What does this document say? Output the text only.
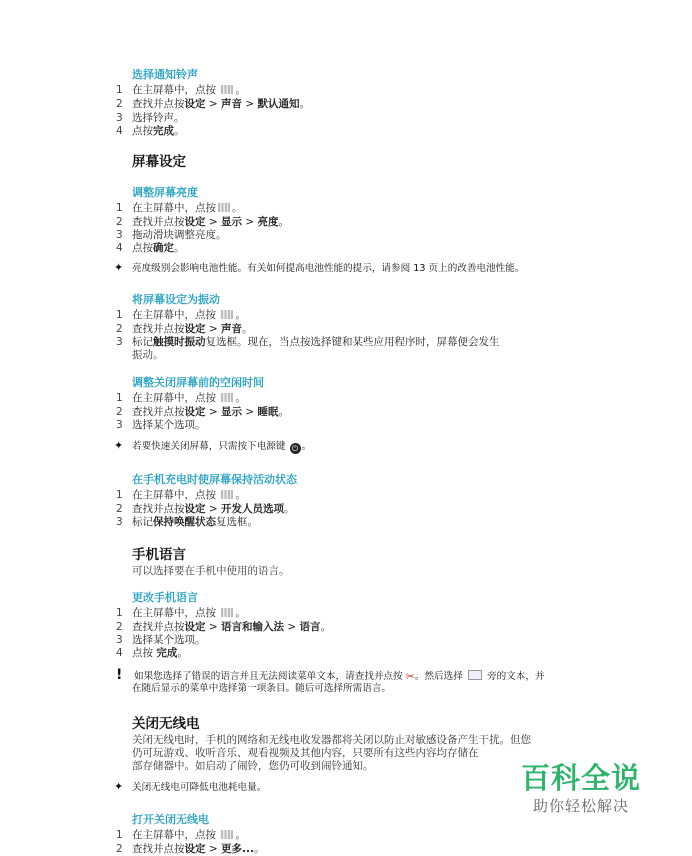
选择通知铃声
1 在主屏幕中，点按 。
2 查找并点按设定 > 声音 > 默认通知。
3 选择铃声。
4 点按完成。
屏幕设定
调整屏幕亮度
1 在主屏幕中，点按 。
2 查找并点按设定 > 显示 > 亮度。
3 拖动滑块调整亮度。
4 点按确定。
✦ 亮度级别会影响电池性能。有关如何提高电池性能的提示，请参阅 13 页上的改善电池性能。
将屏幕设定为振动
1 在主屏幕中，点按 。
2 查找并点按设定 > 声音。
3 标记触摸时振动复选框。现在，当点按选择键和某些应用程序时，屏幕便会发生
振动。
调整关闭屏幕前的空闲时间
1 在主屏幕中，点按 。
2 查找并点按设定 > 显示 > 睡眠。
3 选择某个选项。
✦ 若要快速关闭屏幕，只需按下电源键 ⏻ 。
在手机充电时使屏幕保持活动状态
1 在主屏幕中，点按 。
2 查找并点按设定 > 开发人员选项。
3 标记保持唤醒状态复选框。
手机语言
可以选择要在手机中使用的语言。
更改手机语言
1 在主屏幕中，点按 。
2 查找并点按设定 > 语言和输入法 > 语言。
3 选择某个选项。
4 点按 完成。
! 如果您选择了错误的语言并且无法阅读菜单文本，请查找并点按 ✂。然后选择  旁的文本，并
在随后显示的菜单中选择第一项条目。随后可选择所需语言。
关闭无线电
关闭无线电时，手机的网络和无线电收发器都将关闭以防止对敏感设备产生干扰。但您
仍可玩游戏、收听音乐、观看视频及其他内容，只要所有这些内容均存储在
部存储器中。如启动了闹铃，您仍可收到闹铃通知。
✦ 关闭无线电可降低电池耗电量。
打开关闭无线电
1 在主屏幕中，点按 。
2 查找并点按设定 > 更多...。
百科全说
助你轻松解决
